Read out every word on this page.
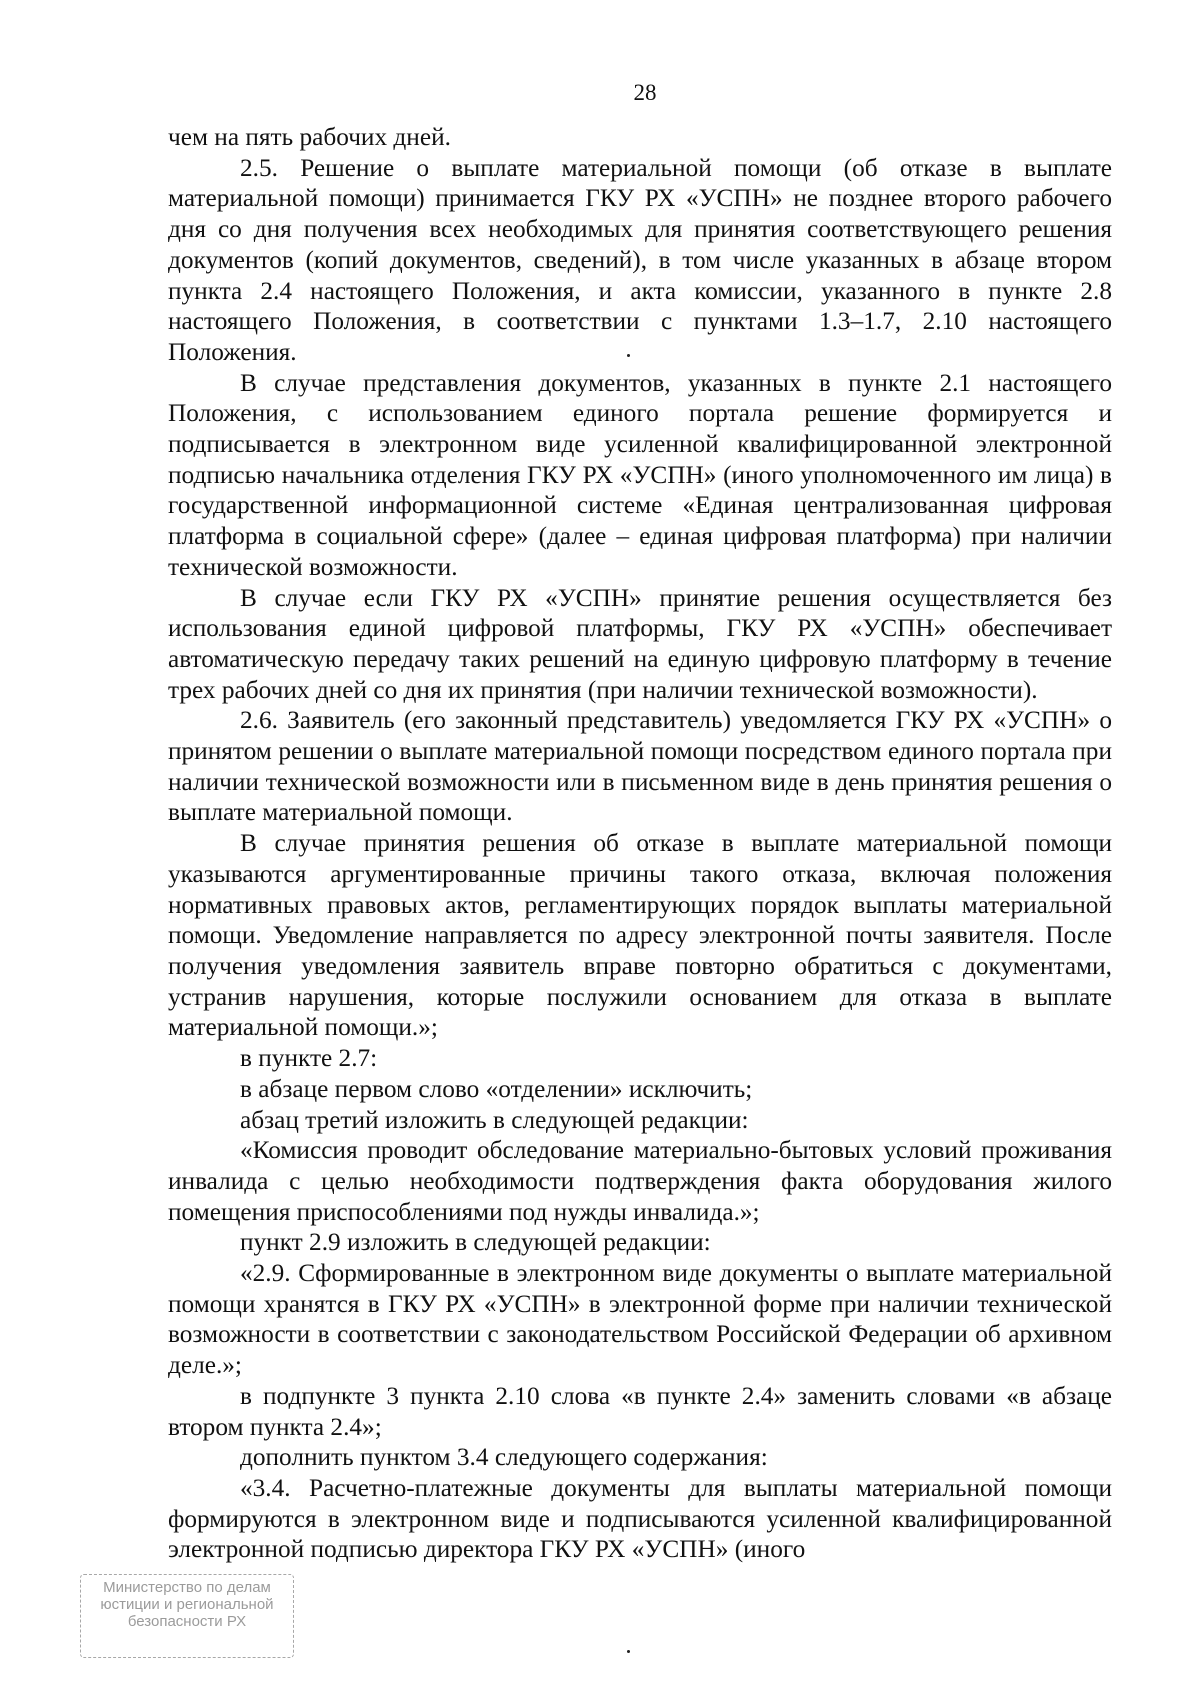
28

чем на пять рабочих дней.

2.5. Решение о выплате материальной помощи (об отказе в выплате материальной помощи) принимается ГКУ РХ «УСПН» не позднее второго рабочего дня со дня получения всех необходимых для принятия соответствующего решения документов (копий документов, сведений), в том числе указанных в абзаце втором пункта 2.4 настоящего Положения, и акта комиссии, указанного в пункте 2.8 настоящего Положения, в соответствии с пунктами 1.3–1.7, 2.10 настоящего Положения.

В случае представления документов, указанных в пункте 2.1 настоящего Положения, с использованием единого портала решение формируется и подписывается в электронном виде усиленной квалифицированной электронной подписью начальника отделения ГКУ РХ «УСПН» (иного уполномоченного им лица) в государственной информационной системе «Единая централизованная цифровая платформа в социальной сфере» (далее – единая цифровая платформа) при наличии технической возможности.

В случае если ГКУ РХ «УСПН» принятие решения осуществляется без использования единой цифровой платформы, ГКУ РХ «УСПН» обеспечивает автоматическую передачу таких решений на единую цифровую платформу в течение трех рабочих дней со дня их принятия (при наличии технической возможности).

2.6. Заявитель (его законный представитель) уведомляется ГКУ РХ «УСПН» о принятом решении о выплате материальной помощи посредством единого портала при наличии технической возможности или в письменном виде в день принятия решения о выплате материальной помощи.

В случае принятия решения об отказе в выплате материальной помощи указываются аргументированные причины такого отказа, включая положения нормативных правовых актов, регламентирующих порядок выплаты материальной помощи. Уведомление направляется по адресу электронной почты заявителя. После получения уведомления заявитель вправе повторно обратиться с документами, устранив нарушения, которые послужили основанием для отказа в выплате материальной помощи.»;

в пункте 2.7:

в абзаце первом слово «отделении» исключить;

абзац третий изложить в следующей редакции:

«Комиссия проводит обследование материально-бытовых условий проживания инвалида с целью необходимости подтверждения факта оборудования жилого помещения приспособлениями под нужды инвалида.»;

пункт 2.9 изложить в следующей редакции:

«2.9. Сформированные в электронном виде документы о выплате материальной помощи хранятся в ГКУ РХ «УСПН» в электронной форме при наличии технической возможности в соответствии с законодательством Российской Федерации об архивном деле.»;

в подпункте 3 пункта 2.10 слова «в пункте 2.4» заменить словами «в абзаце втором пункта 2.4»;

дополнить пунктом 3.4 следующего содержания:

«3.4. Расчетно-платежные документы для выплаты материальной помощи формируются в электронном виде и подписываются усиленной квалифицированной электронной подписью директора ГКУ РХ «УСПН» (иного

Министерство по делам
юстиции и региональной
безопасности РХ
